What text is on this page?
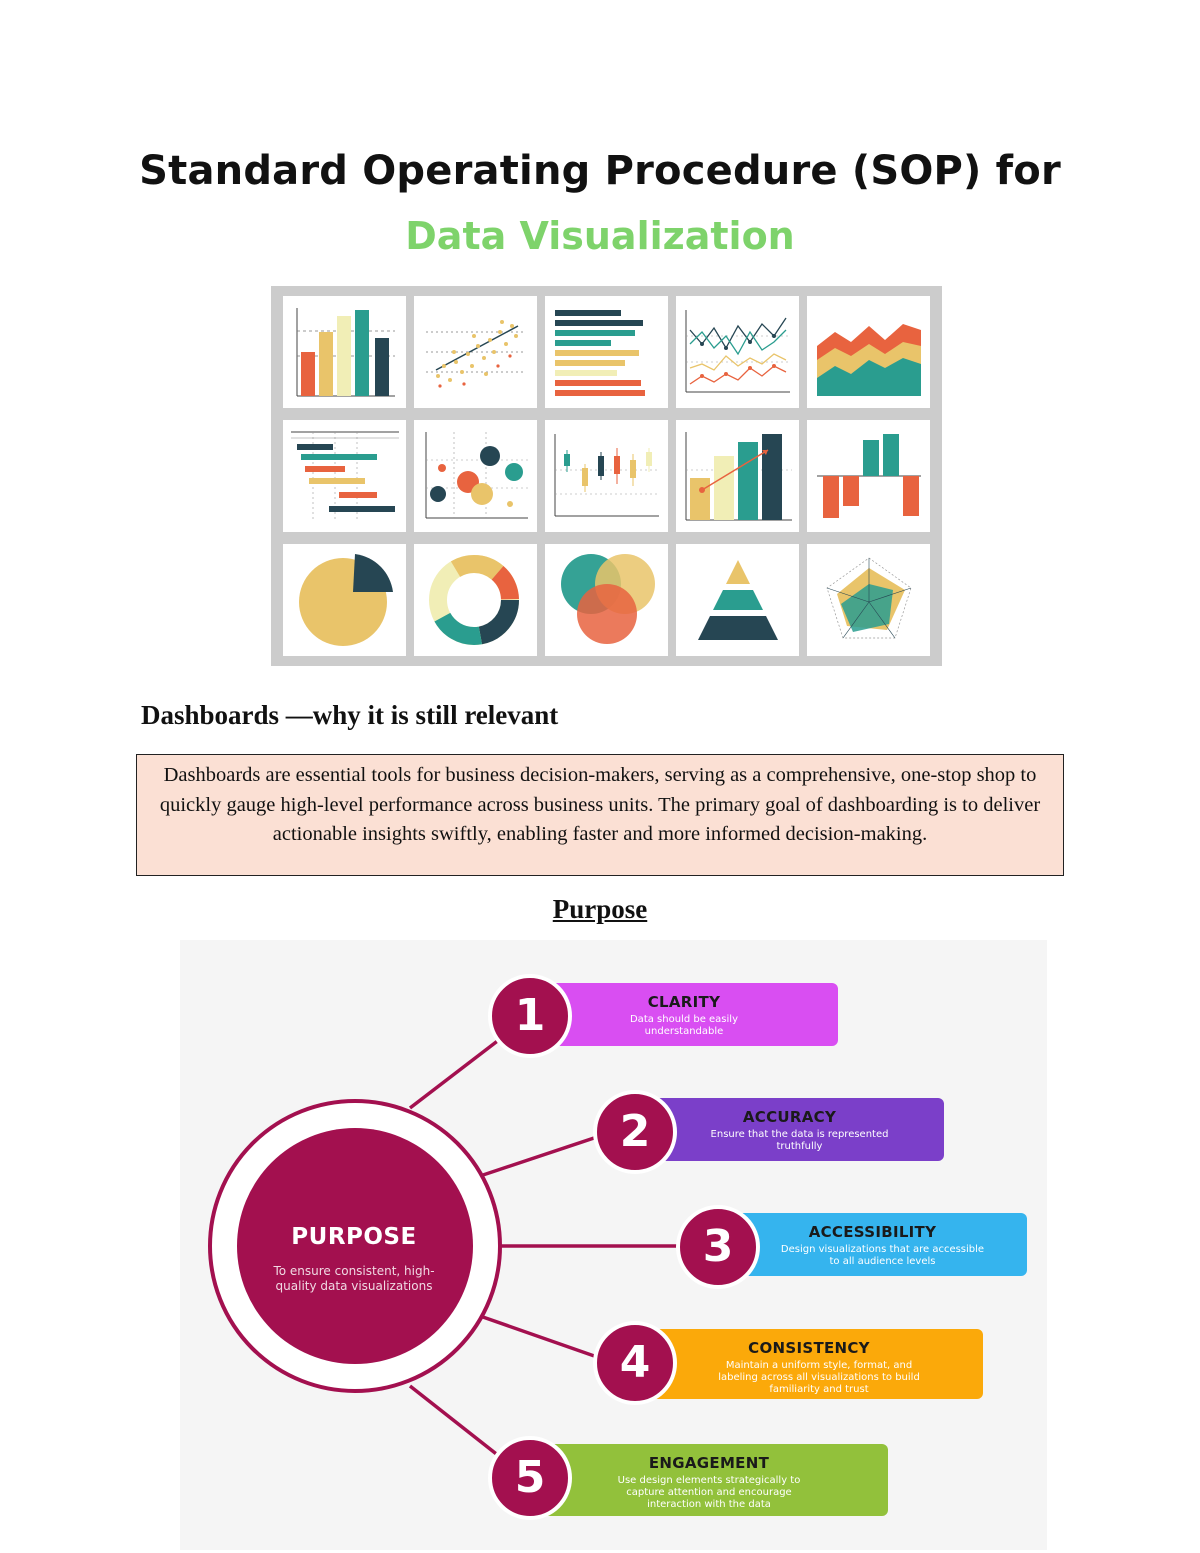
Standard Operating Procedure (SOP) for
Data Visualization
Dashboards —why it is still relevant
Dashboards are essential tools for business decision-makers, serving as a comprehensive, one-stop shop to quickly gauge high-level performance across business units. The primary goal of dashboarding is to deliver actionable insights swiftly, enabling faster and more informed decision-making.
Purpose
PURPOSE
To ensure consistent, high-quality data visualizations
CLARITY
Data should be easily understandable
1
ACCURACY
Ensure that the data is represented truthfully
2
ACCESSIBILITY
Design visualizations that are accessible to all audience levels
3
CONSISTENCY
Maintain a uniform style, format, and labeling across all visualizations to build familiarity and trust
4
ENGAGEMENT
Use design elements strategically to capture attention and encourage interaction with the data
5
